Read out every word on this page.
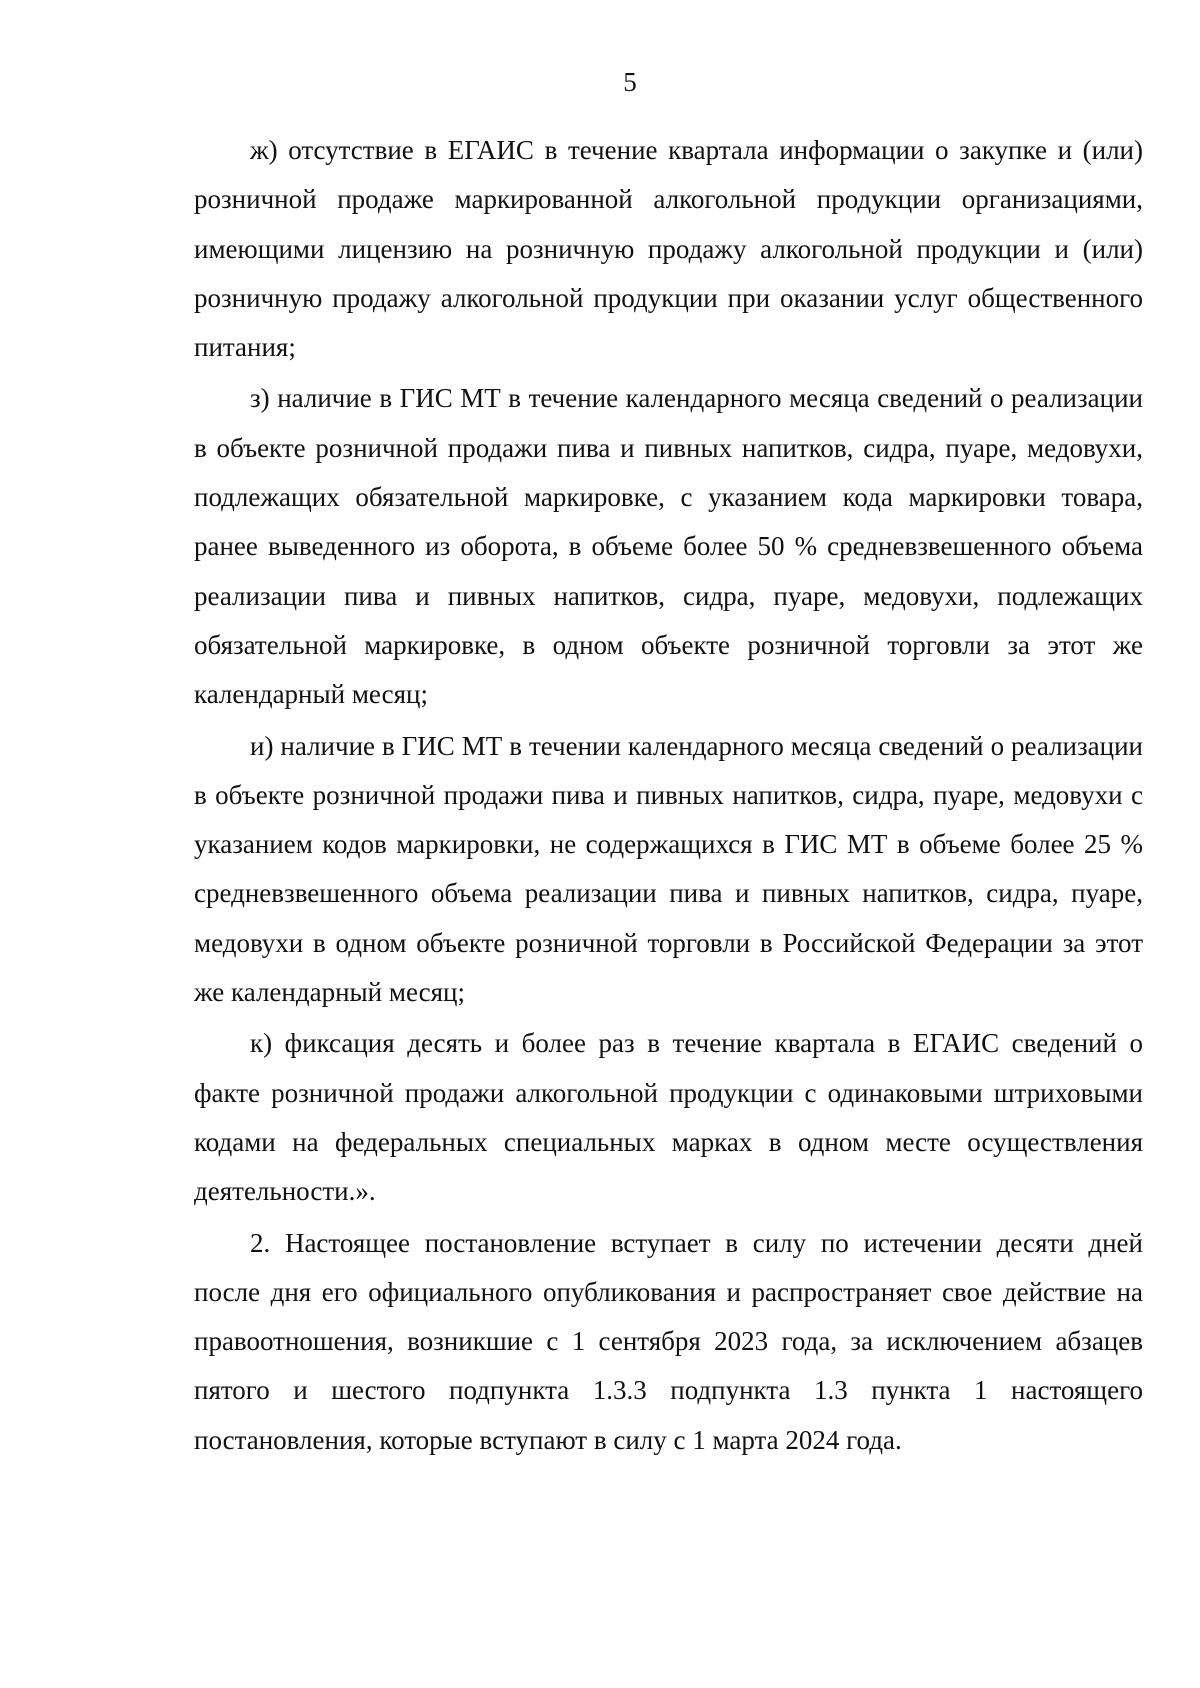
5

ж) отсутствие в ЕГАИС в течение квартала информации о закупке и (или) розничной продаже маркированной алкогольной продукции организациями, имеющими лицензию на розничную продажу алкогольной продукции и (или) розничную продажу алкогольной продукции при оказании услуг общественного питания;

з) наличие в ГИС МТ в течение календарного месяца сведений о реализации в объекте розничной продажи пива и пивных напитков, сидра, пуаре, медовухи, подлежащих обязательной маркировке, с указанием кода маркировки товара, ранее выведенного из оборота, в объеме более 50 % средневзвешенного объема реализации пива и пивных напитков, сидра, пуаре, медовухи, подлежащих обязательной маркировке, в одном объекте розничной торговли за этот же календарный месяц;

и) наличие в ГИС МТ в течении календарного месяца сведений о реализации в объекте розничной продажи пива и пивных напитков, сидра, пуаре, медовухи с указанием кодов маркировки, не содержащихся в ГИС МТ в объеме более 25 % средневзвешенного объема реализации пива и пивных напитков, сидра, пуаре, медовухи в одном объекте розничной торговли в Российской Федерации за этот же календарный месяц;

к) фиксация десять и более раз в течение квартала в ЕГАИС сведений о факте розничной продажи алкогольной продукции с одинаковыми штриховыми кодами на федеральных специальных марках в одном месте осуществления деятельности.».

2. Настоящее постановление вступает в силу по истечении десяти дней после дня его официального опубликования и распространяет свое действие на правоотношения, возникшие с 1 сентября 2023 года, за исключением абзацев пятого и шестого подпункта 1.3.3 подпункта 1.3 пункта 1 настоящего постановления, которые вступают в силу с 1 марта 2024 года.
